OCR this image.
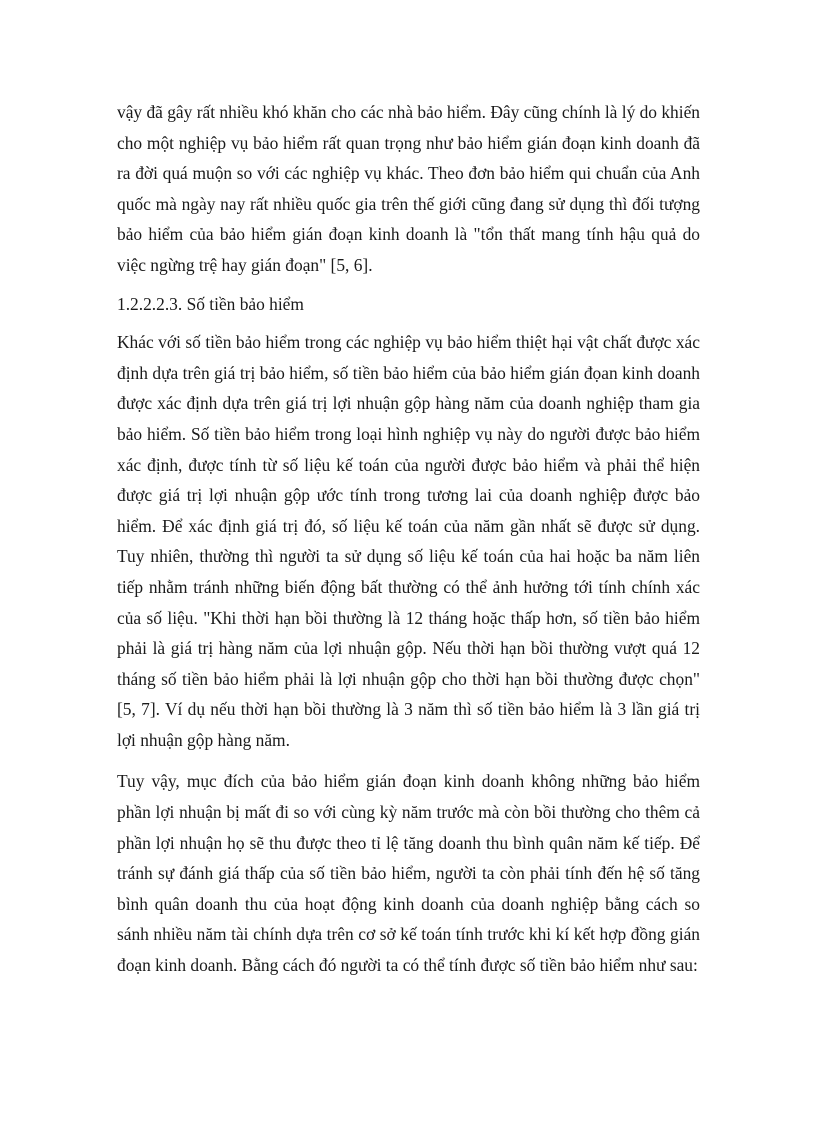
vậy đã gây rất nhiều khó khăn cho các nhà bảo hiểm. Đây cũng chính là lý do khiến cho một nghiệp vụ bảo hiểm rất quan trọng như bảo hiểm gián đoạn kinh doanh đã ra đời quá muộn so với các nghiệp vụ khác. Theo đơn bảo hiểm qui chuẩn của Anh quốc mà ngày nay rất nhiều quốc gia trên thế giới cũng đang sử dụng thì đối tượng bảo hiểm của bảo hiểm gián đoạn kinh doanh là "tổn thất mang tính hậu quả do việc ngừng trệ hay gián đoạn" [5, 6].

1.2.2.2.3. Số tiền bảo hiểm

Khác với số tiền bảo hiểm trong các nghiệp vụ bảo hiểm thiệt hại vật chất được xác định dựa trên giá trị bảo hiểm, số tiền bảo hiểm của bảo hiểm gián đọan kinh doanh được xác định dựa trên giá trị lợi nhuận gộp hàng năm của doanh nghiệp tham gia bảo hiểm. Số tiền bảo hiểm trong loại hình nghiệp vụ này do người được bảo hiểm xác định, được tính từ số liệu kế toán của người được bảo hiểm và phải thể hiện được giá trị lợi nhuận gộp ước tính trong tương lai của doanh nghiệp được bảo hiểm. Để xác định giá trị đó, số liệu kế toán của năm gần nhất sẽ được sử dụng. Tuy nhiên, thường thì người ta sử dụng số liệu kế toán của hai hoặc ba năm liên tiếp nhằm tránh những biến động bất thường có thể ảnh hưởng tới tính chính xác của số liệu. "Khi thời hạn bồi thường là 12 tháng hoặc thấp hơn, số tiền bảo hiểm phải là giá trị hàng năm của lợi nhuận gộp. Nếu thời hạn bồi thường vượt quá 12 tháng số tiền bảo hiểm phải là lợi nhuận gộp cho thời hạn bồi thường được chọn" [5, 7]. Ví dụ nếu thời hạn bồi thường là 3 năm thì số tiền bảo hiểm là 3 lần giá trị lợi nhuận gộp hàng năm.

Tuy vậy, mục đích của bảo hiểm gián đoạn kinh doanh không những bảo hiểm phần lợi nhuận bị mất đi so với cùng kỳ năm trước mà còn bồi thường cho thêm cả phần lợi nhuận họ sẽ thu được theo tỉ lệ tăng doanh thu bình quân năm kế tiếp. Để tránh sự đánh giá thấp của số tiền bảo hiểm, người ta còn phải tính đến hệ số tăng bình quân doanh thu của hoạt động kinh doanh của doanh nghiệp bằng cách so sánh nhiều năm tài chính dựa trên cơ sở kế toán tính trước khi kí kết hợp đồng gián đoạn kinh doanh. Bằng cách đó người ta có thể tính được số tiền bảo hiểm như sau:
